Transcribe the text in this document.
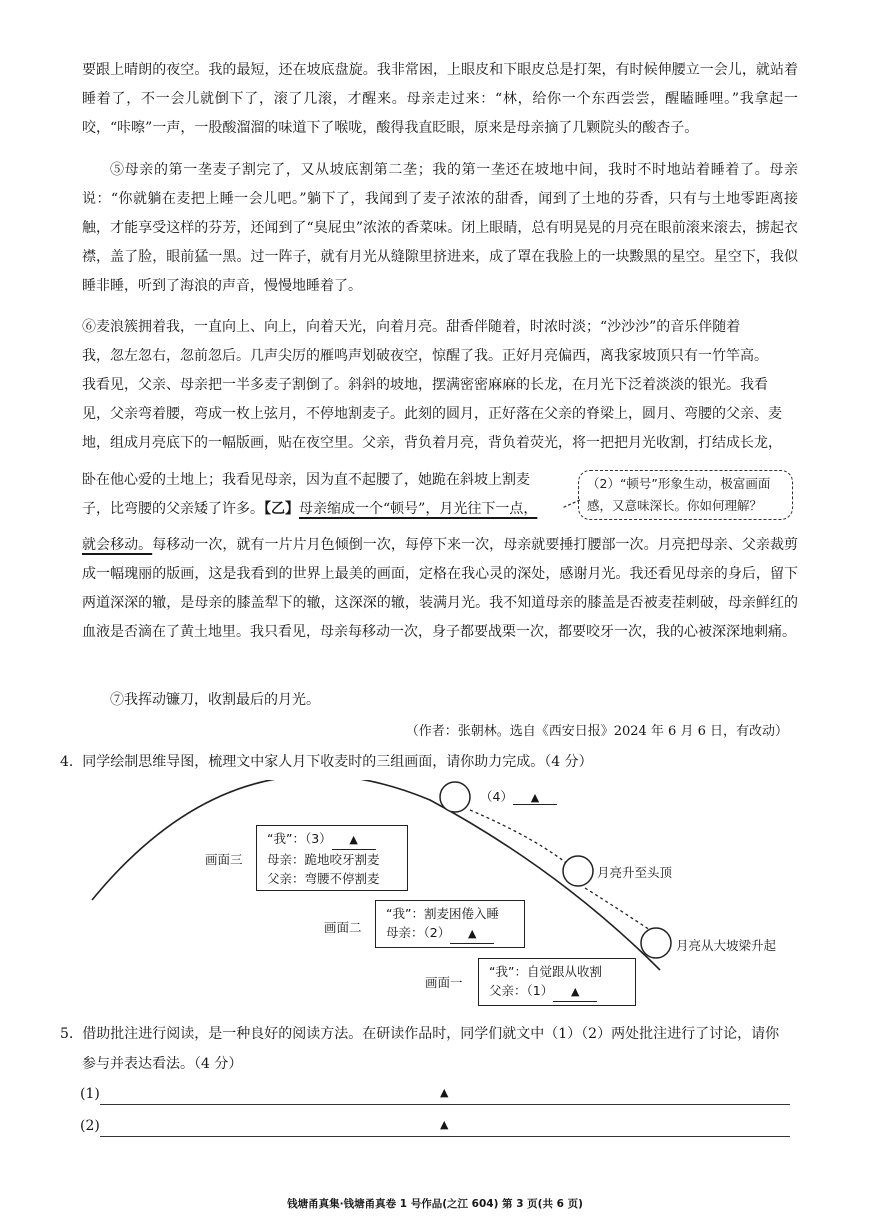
要跟上晴朗的夜空。我的最短，还在坡底盘旋。我非常困，上眼皮和下眼皮总是打架，有时候伸腰立一会儿，就站着睡着了，不一会儿就倒下了，滚了几滚，才醒来。母亲走过来：“林，给你一个东西尝尝，醒瞌睡哩。”我拿起一咬，“咔嚓”一声，一股酸溜溜的味道下了喉咙，酸得我直眨眼，原来是母亲摘了几颗院头的酸杏子。

⑤母亲的第一垄麦子割完了，又从坡底割第二垄；我的第一垄还在坡地中间，我时不时地站着睡着了。母亲说：“你就躺在麦把上睡一会儿吧。”躺下了，我闻到了麦子浓浓的甜香，闻到了土地的芬香，只有与土地零距离接触，才能享受这样的芬芳，还闻到了“臭屁虫”浓浓的香菜味。闭上眼睛，总有明晃晃的月亮在眼前滚来滚去，掳起衣襟，盖了脸，眼前猛一黑。过一阵子，就有月光从缝隙里挤进来，成了罩在我脸上的一块黢黑的星空。星空下，我似睡非睡，听到了海浪的声音，慢慢地睡着了。

⑥麦浪簇拥着我，一直向上、向上，向着天光，向着月亮。甜香伴随着，时浓时淡；“沙沙沙”的音乐伴随着
我，忽左忽右，忽前忽后。几声尖厉的雁鸣声划破夜空，惊醒了我。正好月亮偏西，离我家坡顶只有一竹竿高。
我看见，父亲、母亲把一半多麦子割倒了。斜斜的坡地，摆满密密麻麻的长龙，在月光下泛着淡淡的银光。我看
见，父亲弯着腰，弯成一枚上弦月，不停地割麦子。此刻的圆月，正好落在父亲的脊梁上，圆月、弯腰的父亲、麦
地，组成月亮底下的一幅版画，贴在夜空里。父亲，背负着月亮，背负着荧光，将一把把月光收割，打结成长龙，
卧在他心爱的土地上；我看见母亲，因为直不起腰了，她跪在斜坡上割麦
子，比弯腰的父亲矮了许多。【乙】母亲缩成一个“顿号”，月光往下一点，
（2）“顿号”形象生动，极富画面感，又意味深长。你如何理解？

就会移动。每移动一次，就有一片片月色倾倒一次，每停下来一次，母亲就要捶打腰部一次。月亮把母亲、父亲裁剪成一幅瑰丽的版画，这是我看到的世界上最美的画面，定格在我心灵的深处，感谢月光。我还看见母亲的身后，留下两道深深的辙，是母亲的膝盖犁下的辙，这深深的辙，装满月光。我不知道母亲的膝盖是否被麦茬刺破，母亲鲜红的血液是否滴在了黄土地里。我只看见，母亲每移动一次，身子都要战栗一次，都要咬牙一次，我的心被深深地刺痛。

⑦我挥动镰刀，收割最后的月光。

（作者：张朝林。选自《西安日报》2024 年 6 月 6 日，有改动）
4. 同学绘制思维导图，梳理文中家人月下收麦时的三组画面，请你助力完成。（4 分）
（4） ▲
月亮升至头顶
月亮从大坡梁升起
画面三
“我”：（3） ▲
母亲：跪地咬牙割麦
父亲：弯腰不停割麦
画面二
“我”：割麦困倦入睡
母亲：（2） ▲
画面一
“我”：自觉跟从收割
父亲：（1） ▲
5. 借助批注进行阅读，是一种良好的阅读方法。在研读作品时，同学们就文中（1）（2）两处批注进行了讨论，请你
参与并表达看法。（4 分）
(1)	▲
(2)	▲
钱塘甬真集·钱塘甬真卷 1 号作品(之江 604) 第 3 页(共 6 页)
